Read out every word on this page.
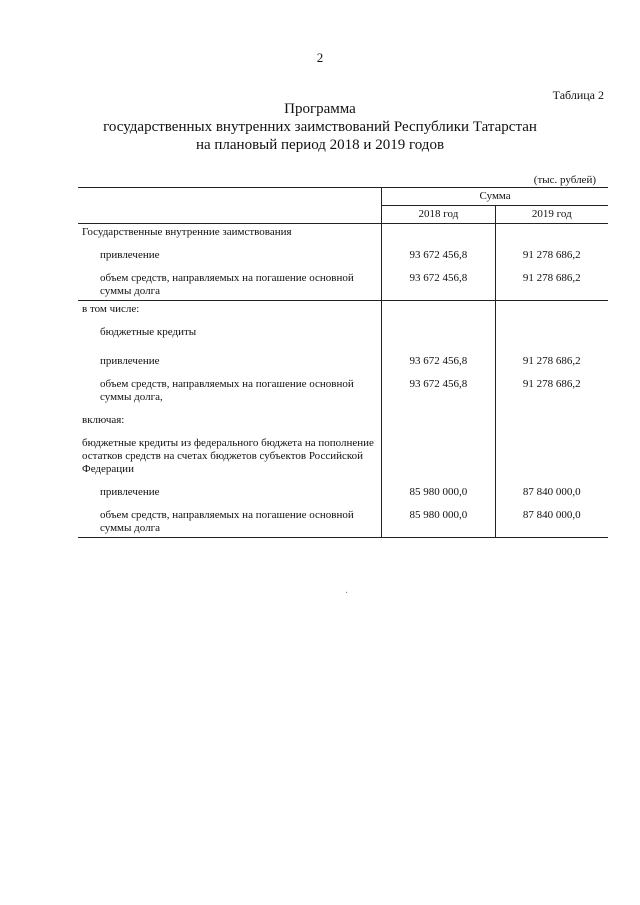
2
Таблица 2
Программа
государственных внутренних заимствований Республики Татарстан
на плановый период 2018 и 2019 годов
(тыс. рублей)
	Сумма	
	2018 год	2019 год
Государственные внутренние заимствования		
привлечение	93 672 456,8	91 278 686,2
объем средств, направляемых на погашение основной суммы долга	93 672 456,8	91 278 686,2
в том числе:		
бюджетные кредиты		
привлечение	93 672 456,8	91 278 686,2
объем средств, направляемых на погашение основной суммы долга,	93 672 456,8	91 278 686,2
включая:		
бюджетные кредиты из федерального бюджета на пополнение остатков средств на счетах бюджетов субъектов Российской Федерации		
привлечение	85 980 000,0	87 840 000,0
объем средств, направляемых на погашение основной суммы долга	85 980 000,0	87 840 000,0
·
